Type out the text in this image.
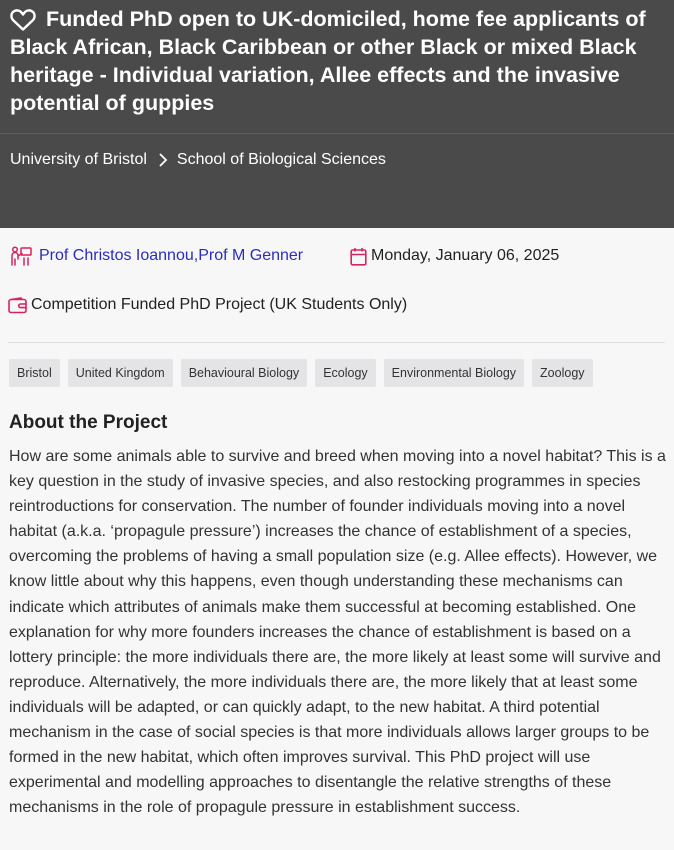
Funded PhD open to UK-domiciled, home fee applicants of Black African, Black Caribbean or other Black or mixed Black heritage - Individual variation, Allee effects and the invasive potential of guppies
University of Bristol School of Biological Sciences
Prof Christos Ioannou , Prof M Genner	Monday, January 06, 2025
Competition Funded PhD Project (UK Students Only)
Bristol	United Kingdom	Behavioural Biology	Ecology	Environmental Biology	Zoology
About the Project

How are some animals able to survive and breed when moving into a novel habitat? This is a key question in the study of invasive species, and also restocking programmes in species reintroductions for conservation. The number of founder individuals moving into a novel habitat (a.k.a. ‘propagule pressure’) increases the chance of establishment of a species, overcoming the problems of having a small population size (e.g. Allee effects). However, we know little about why this happens, even though understanding these mechanisms can indicate which attributes of animals make them successful at becoming established. One explanation for why more founders increases the chance of establishment is based on a lottery principle: the more individuals there are, the more likely at least some will survive and reproduce. Alternatively, the more individuals there are, the more likely that at least some individuals will be adapted, or can quickly adapt, to the new habitat. A third potential mechanism in the case of social species is that more individuals allows larger groups to be formed in the new habitat, which often improves survival. This PhD project will use experimental and modelling approaches to disentangle the relative strengths of these mechanisms in the role of propagule pressure in establishment success.
